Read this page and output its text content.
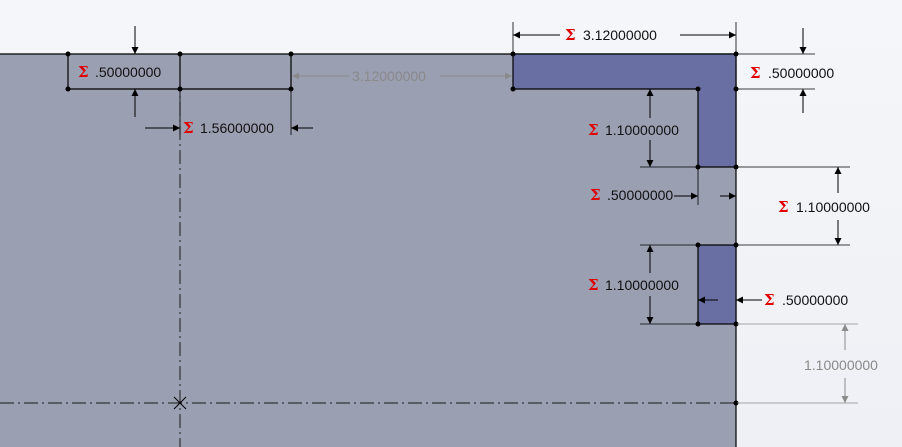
Σ .50000000
Σ 1.56000000
3.12000000
Σ 3.12000000
Σ .50000000
Σ 1.10000000
Σ .50000000
Σ 1.10000000
Σ 1.10000000
Σ .50000000
1.10000000
